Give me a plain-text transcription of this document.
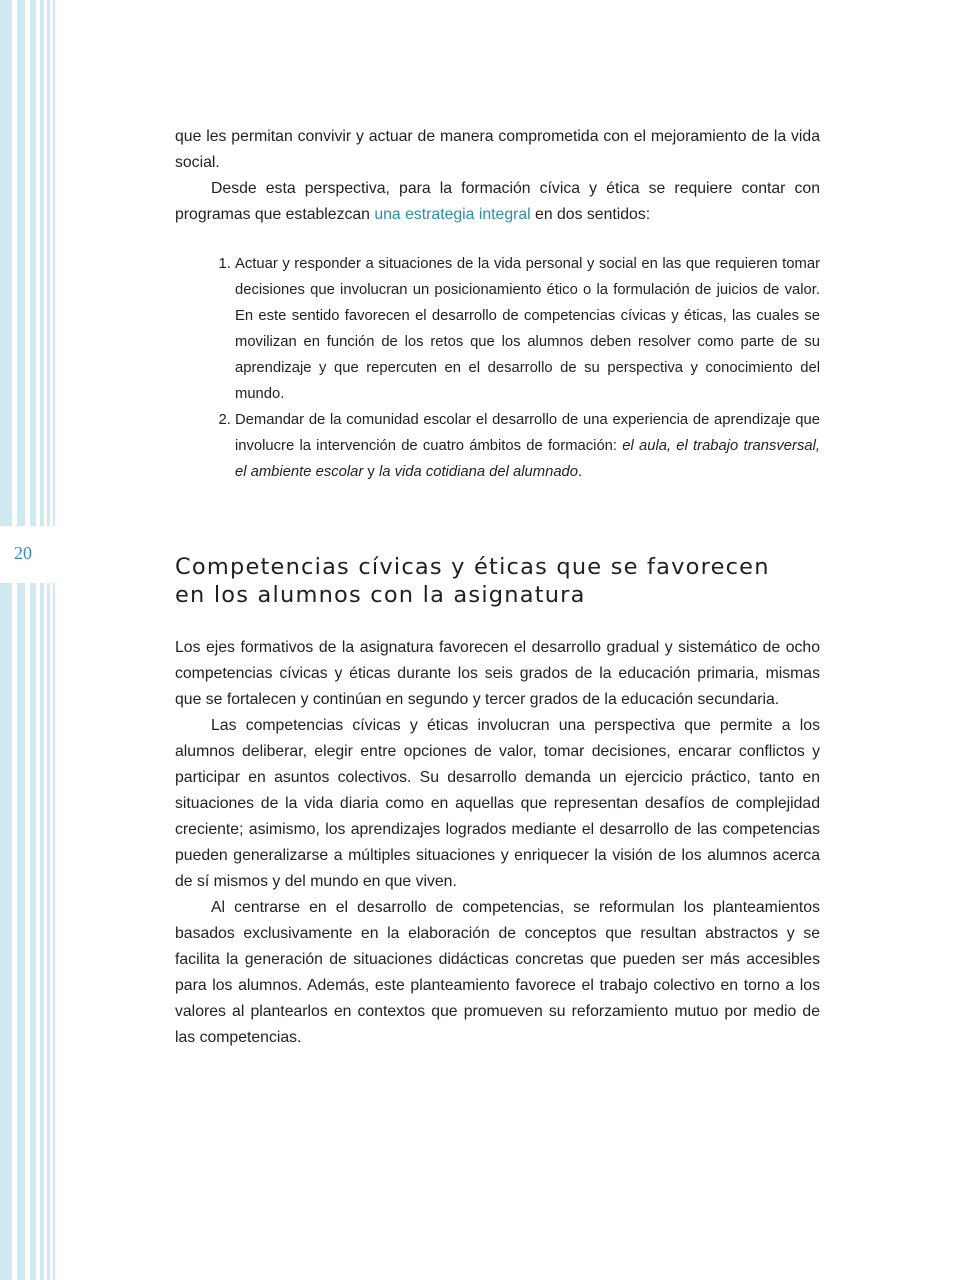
20

que les permitan convivir y actuar de manera comprometida con el mejoramiento de la vida social.

Desde esta perspectiva, para la formación cívica y ética se requiere contar con programas que establezcan una estrategia integral en dos sentidos:

1. Actuar y responder a situaciones de la vida personal y social en las que requieren tomar decisiones que involucran un posicionamiento ético o la formulación de juicios de valor. En este sentido favorecen el desarrollo de competencias cívicas y éticas, las cuales se movilizan en función de los retos que los alumnos deben resolver como parte de su aprendizaje y que repercuten en el desarrollo de su perspectiva y conocimiento del mundo.
2. Demandar de la comunidad escolar el desarrollo de una experiencia de aprendizaje que involucre la intervención de cuatro ámbitos de formación: el aula, el trabajo transversal, el ambiente escolar y la vida cotidiana del alumnado.
Competencias cívicas y éticas que se favorecen
en los alumnos con la asignatura

Los ejes formativos de la asignatura favorecen el desarrollo gradual y sistemático de ocho competencias cívicas y éticas durante los seis grados de la educación primaria, mismas que se fortalecen y continúan en segundo y tercer grados de la educación secundaria.

Las competencias cívicas y éticas involucran una perspectiva que permite a los alumnos deliberar, elegir entre opciones de valor, tomar decisiones, encarar conflictos y participar en asuntos colectivos. Su desarrollo demanda un ejercicio práctico, tanto en situaciones de la vida diaria como en aquellas que representan desafíos de complejidad creciente; asimismo, los aprendizajes logrados mediante el desarrollo de las competencias pueden generalizarse a múltiples situaciones y enriquecer la visión de los alumnos acerca de sí mismos y del mundo en que viven.

Al centrarse en el desarrollo de competencias, se reformulan los planteamientos basados exclusivamente en la elaboración de conceptos que resultan abstractos y se facilita la generación de situaciones didácticas concretas que pueden ser más accesibles para los alumnos. Además, este planteamiento favorece el trabajo colectivo en torno a los valores al plantearlos en contextos que promueven su reforzamiento mutuo por medio de las competencias.
